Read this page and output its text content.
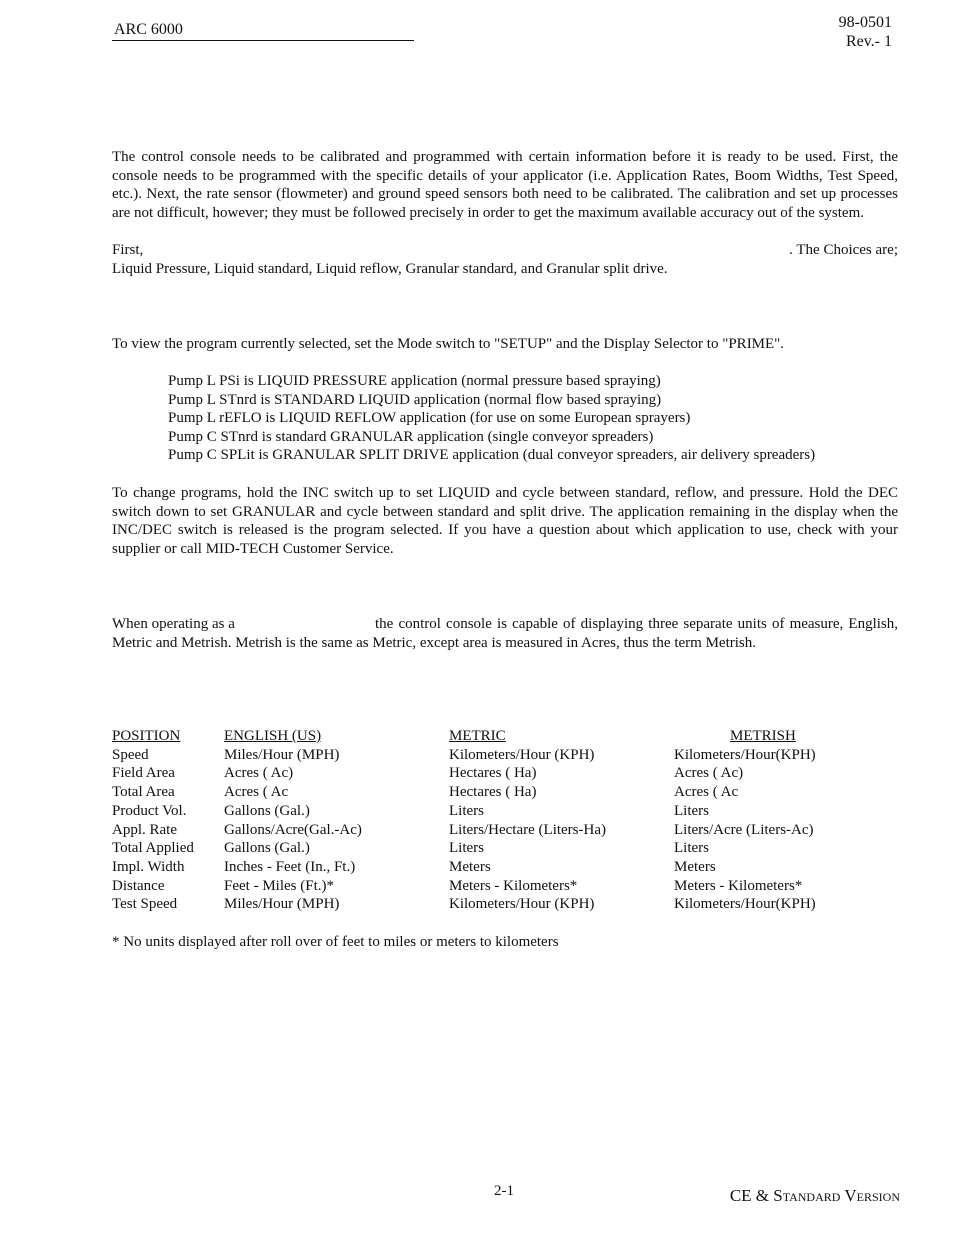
ARC 6000	98-0501
Rev.- 1

The control console needs to be calibrated and programmed with certain information before it is ready to be used. First, the console needs to be programmed with the specific details of your applicator (i.e. Application Rates, Boom Widths, Test Speed, etc.). Next, the rate sensor (flowmeter) and ground speed sensors both need to be calibrated. The calibration and set up processes are not difficult, however; they must be followed precisely in order to get the maximum available accuracy out of the system.

First,	. The Choices are;
Liquid Pressure, Liquid standard, Liquid reflow, Granular standard, and Granular split drive.
To view the program currently selected, set the Mode switch to "SETUP" and the Display Selector to "PRIME".
Pump L PSi is LIQUID PRESSURE application (normal pressure based spraying)
Pump L STnrd is STANDARD LIQUID application (normal flow based spraying)
Pump L rEFLO is LIQUID REFLOW application (for use on some European sprayers)
Pump C STnrd is standard GRANULAR application (single conveyor spreaders)
Pump C SPLit is GRANULAR SPLIT DRIVE application (dual conveyor spreaders, air delivery spreaders)

To change programs, hold the INC switch up to set LIQUID and cycle between standard, reflow, and pressure. Hold the DEC switch down to set GRANULAR and cycle between standard and split drive. The application remaining in the display when the INC/DEC switch is released is the program selected. If you have a question about which application to use, check with your supplier or call MID-TECH Customer Service.

When operating as a	the control console is capable of displaying three separate units of measure, English,
Metric and Metrish. Metrish is the same as Metric, except area is measured in Acres, thus the term Metrish.
POSITION	ENGLISH (US)	METRIC	METRISH
Speed	Miles/Hour (MPH)	Kilometers/Hour (KPH)	Kilometers/Hour(KPH)
Field Area	Acres ( Ac)	Hectares ( Ha)	Acres ( Ac)
Total Area	Acres ( Ac	Hectares ( Ha)	Acres ( Ac
Product Vol.	Gallons (Gal.)	Liters	Liters
Appl. Rate	Gallons/Acre(Gal.-Ac)	Liters/Hectare (Liters-Ha)	Liters/Acre (Liters-Ac)
Total Applied	Gallons (Gal.)	Liters	Liters
Impl. Width	Inches - Feet (In., Ft.)	Meters	Meters
Distance	Feet - Miles (Ft.)*	Meters - Kilometers*	Meters - Kilometers*
Test Speed	Miles/Hour (MPH)	Kilometers/Hour (KPH)	Kilometers/Hour(KPH)
* No units displayed after roll over of feet to miles or meters to kilometers
2-1	CE & Standard Version
